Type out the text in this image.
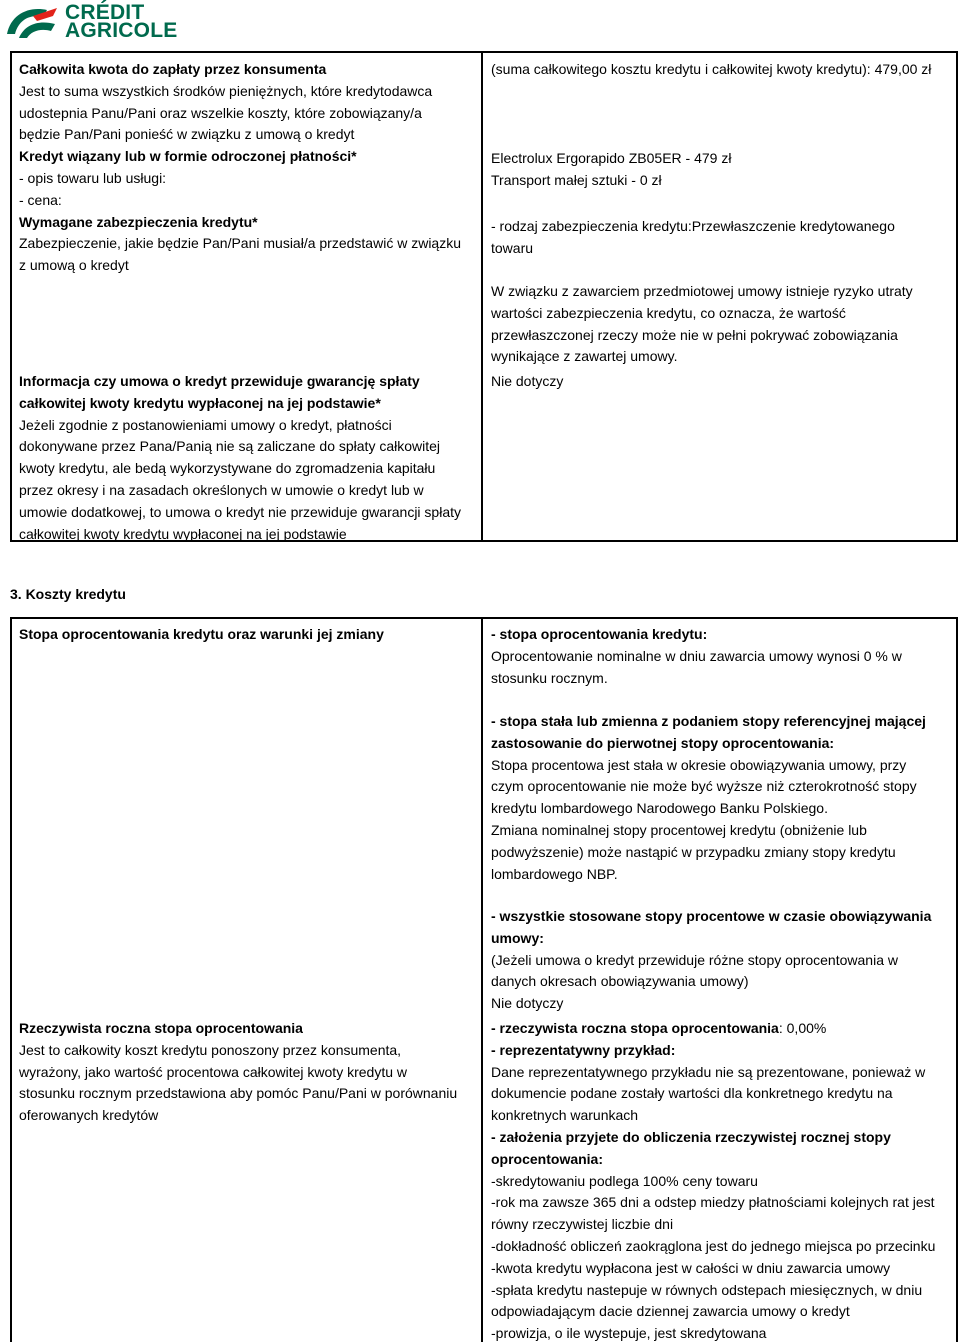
CRÉDIT
AGRICOLE
Całkowita kwota do zapłaty przez konsumenta
Jest to suma wszystkich środków pieniężnych, które kredytodawca
udostepnia Panu/Pani oraz wszelkie koszty, które zobowiązany/a
będzie Pan/Pani ponieść w związku z umową o kredyt
Kredyt wiązany lub w formie odroczonej płatności*
- opis towaru lub usługi:
- cena:
Wymagane zabezpieczenia kredytu*
Zabezpieczenie, jakie będzie Pan/Pani musiał/a przedstawić w związku
z umową o kredyt
Informacja czy umowa o kredyt przewiduje gwarancję spłaty
całkowitej kwoty kredytu wypłaconej na jej podstawie*
Jeżeli zgodnie z postanowieniami umowy o kredyt, płatności
dokonywane przez Pana/Panią nie są zaliczane do spłaty całkowitej
kwoty kredytu, ale bedą wykorzystywane do zgromadzenia kapitału
przez okresy i na zasadach określonych w umowie o kredyt lub w
umowie dodatkowej, to umowa o kredyt nie przewiduje gwarancji spłaty
całkowitej kwoty kredytu wypłaconej na jej podstawie
(suma całkowitego kosztu kredytu i całkowitej kwoty kredytu): 479,00 zł
Electrolux Ergorapido ZB05ER - 479 zł
Transport małej sztuki - 0 zł
- rodzaj zabezpieczenia kredytu:Przewłaszczenie kredytowanego
towaru
W związku z zawarciem przedmiotowej umowy istnieje ryzyko utraty
wartości zabezpieczenia kredytu, co oznacza, że wartość
przewłaszczonej rzeczy może nie w pełni pokrywać zobowiązania
wynikające z zawartej umowy.
Nie dotyczy
3. Koszty kredytu
Stopa oprocentowania kredytu oraz warunki jej zmiany
Rzeczywista roczna stopa oprocentowania
Jest to całkowity koszt kredytu ponoszony przez konsumenta,
wyrażony, jako wartość procentowa całkowitej kwoty kredytu w
stosunku rocznym przedstawiona aby pomóc Panu/Pani w porównaniu
oferowanych kredytów
- stopa oprocentowania kredytu:
Oprocentowanie nominalne w dniu zawarcia umowy wynosi 0 % w
stosunku rocznym.
- stopa stała lub zmienna z podaniem stopy referencyjnej mającej
zastosowanie do pierwotnej stopy oprocentowania:
Stopa procentowa jest stała w okresie obowiązywania umowy, przy
czym oprocentowanie nie może być wyższe niż czterokrotność stopy
kredytu lombardowego Narodowego Banku Polskiego.
Zmiana nominalnej stopy procentowej kredytu (obniżenie lub
podwyższenie) może nastąpić w przypadku zmiany stopy kredytu
lombardowego NBP.
- wszystkie stosowane stopy procentowe w czasie obowiązywania
umowy:
(Jeżeli umowa o kredyt przewiduje różne stopy oprocentowania w
danych okresach obowiązywania umowy)
Nie dotyczy
- rzeczywista roczna stopa oprocentowania: 0,00%
- reprezentatywny przykład:
Dane reprezentatywnego przykładu nie są prezentowane, ponieważ w
dokumencie podane zostały wartości dla konkretnego kredytu na
konkretnych warunkach
- założenia przyjete do obliczenia rzeczywistej rocznej stopy
oprocentowania:
-skredytowaniu podlega 100% ceny towaru
-rok ma zawsze 365 dni a odstep miedzy płatnościami kolejnych rat jest
równy rzeczywistej liczbie dni
-dokładność obliczeń zaokrąglona jest do jednego miejsca po przecinku
-kwota kredytu wypłacona jest w całości w dniu zawarcia umowy
-spłata kredytu nastepuje w równych odstepach miesięcznych, w dniu
odpowiadającym dacie dziennej zawarcia umowy o kredyt
-prowizja, o ile wystepuje, jest skredytowana
